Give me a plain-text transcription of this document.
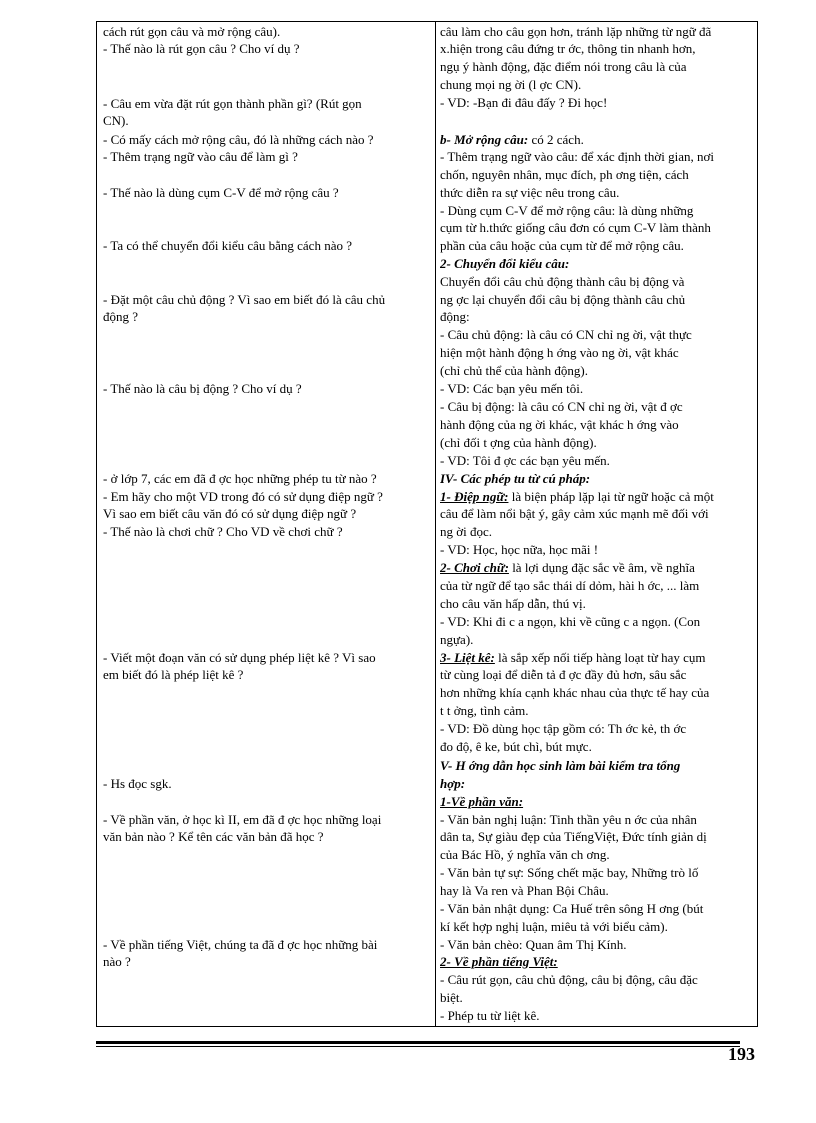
cách rút gọn câu và mở rộng câu).
- Thế nào là rút gọn câu ? Cho ví dụ ?
- Câu em vừa đặt rút gọn thành phần gì? (Rút gọn
CN).
- Có mấy cách mở rộng câu, đó là những cách nào ?
- Thêm trạng ngữ vào câu để làm gì ?
- Thế nào là dùng cụm C-V để mở rộng câu ?
- Ta có thể chuyển đổi kiểu câu bằng cách nào ?
- Đặt một câu chủ động ? Vì sao em biết đó là câu chủ
động ?
- Thế nào là câu bị động ? Cho ví dụ ?
- ở lớp 7, các em đã đ ợc học những phép tu từ nào ?
- Em hãy cho một VD trong đó có sử dụng điệp ngữ ?
Vì sao em biết câu văn đó có sử dụng điệp ngữ ?
- Thế nào là chơi chữ ? Cho VD về chơi chữ ?
- Viết một đoạn văn có sử dụng phép liệt kê ? Vì sao
em biết đó là phép liệt kê ?
- Hs đọc sgk.
- Về phần văn, ở học kì II, em đã đ ợc học những loại
văn bản nào ? Kể tên các văn bản đã học ?
- Về phần tiếng Việt, chúng ta đã đ ợc học những bài
nào ?
câu làm cho câu gọn hơn, tránh lặp những từ ngữ đã
x.hiện trong câu đứng tr ớc, thông tin nhanh hơn,
ngụ ý hành động, đặc điểm nói trong câu là của
chung mọi ng ời (l ợc CN).
- VD: -Bạn đi đâu đấy ? Đi học!
b- Mở rộng câu: có 2 cách.
- Thêm trạng ngữ vào câu: để xác định thời gian, nơi
chốn, nguyên nhân, mục đích, ph ơng tiện, cách
thức diễn ra sự việc nêu trong câu.
- Dùng cụm C-V để mở rộng câu: là dùng những
cụm từ h.thức giống câu đơn có cụm C-V làm thành
phần của câu hoặc của cụm từ để mở rộng câu.
2- Chuyển đổi kiểu câu:
Chuyển đổi câu chủ động thành câu bị động và
ng ợc lại chuyển đổi câu bị động thành câu chủ
động:
- Câu chủ động: là câu có CN chỉ ng ời, vật thực
hiện một hành động h ớng vào ng ời, vật khác
(chỉ chủ thể của hành động).
- VD: Các bạn yêu mến tôi.
- Câu bị động: là câu có CN chỉ ng ời, vật đ ợc
hành động của ng ời khác, vật khác h ớng vào
(chỉ đối t ợng của hành động).
- VD: Tôi đ ợc các bạn yêu mến.
IV- Các phép tu từ cú pháp:
1- Điệp ngữ: là biện pháp lặp lại từ ngữ hoặc cả một
câu để làm nổi bật ý, gây cảm xúc mạnh mẽ đối với
ng ời đọc.
- VD: Học, học nữa, học mãi !
2- Chơi chữ: là lợi dụng đặc sắc về âm, về nghĩa
của từ ngữ để tạo sắc thái dí dỏm, hài h ớc, ... làm
cho câu văn hấp dẫn, thú vị.
- VD: Khi đi c a ngọn, khi về cũng c a ngọn. (Con
ngựa).
3- Liệt kê: là sắp xếp nối tiếp hàng loạt từ hay cụm
từ cùng loại để diễn tả đ ợc đầy đủ hơn, sâu sắc
hơn những khía cạnh khác nhau của thực tế hay của
t t ởng, tình cảm.
- VD: Đồ dùng học tập gồm có: Th ớc kẻ, th ớc
đo độ, ê ke, bút chì, bút mực.
V- H ớng dẫn học sinh làm bài kiểm tra tổng
hợp:
1-Về phần văn:
- Văn bản nghị luận: Tinh thần yêu n ớc của nhân
dân ta, Sự giàu đẹp của TiếngViệt, Đức tính giản dị
của Bác Hồ, ý nghĩa văn ch ơng.
- Văn bản tự sự: Sống chết mặc bay, Những trò lố
hay là Va ren và Phan Bội Châu.
- Văn bản nhật dụng: Ca Huế trên sông H ơng (bút
kí kết hợp nghị luận, miêu tả với biểu cảm).
- Văn bản chèo: Quan âm Thị Kính.
2- Về phần tiếng Việt:
- Câu rút gọn, câu chủ động, câu bị động, câu đặc
biệt.
- Phép tu từ liệt kê.
193
